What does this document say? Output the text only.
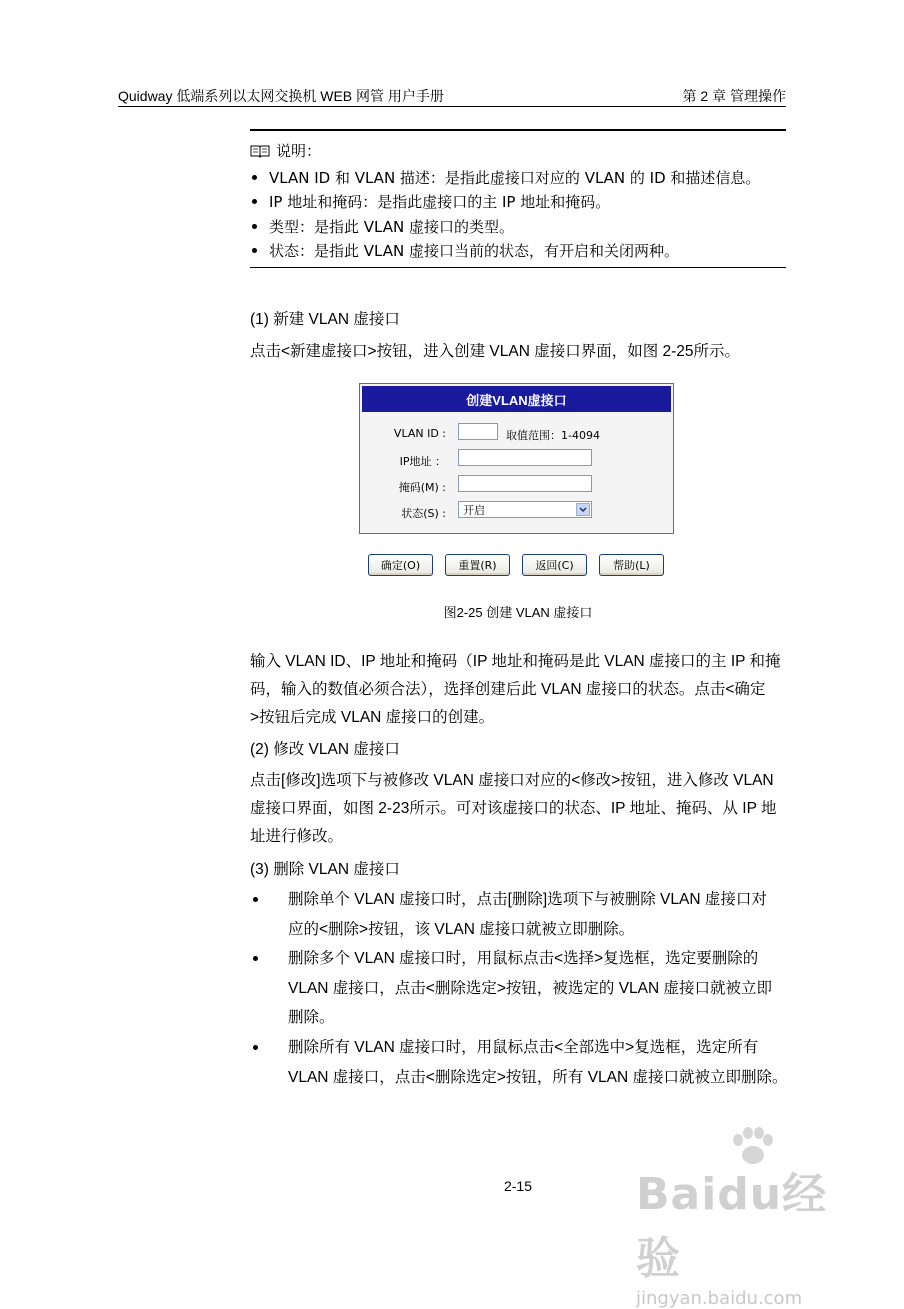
Quidway 低端系列以太网交换机 WEB 网管 用户手册	第 2 章 管理操作
说明：
VLAN ID 和 VLAN 描述：是指此虚接口对应的 VLAN 的 ID 和描述信息。
IP 地址和掩码：是指此虚接口的主 IP 地址和掩码。
类型：是指此 VLAN 虚接口的类型。
状态：是指此 VLAN 虚接口当前的状态，有开启和关闭两种。
(1) 新建 VLAN 虚接口
点击<新建虚接口>按钮，进入创建 VLAN 虚接口界面，如图 2-25所示。
创建VLAN虚接口
VLAN ID :	取值范围：1-4094
IP地址 ：
掩码(M) :
状态(S) : 开启
确定(O)	重置(R)	返回(C)	帮助(L)
图2-25 创建 VLAN 虚接口
输入 VLAN ID、IP 地址和掩码（IP 地址和掩码是此 VLAN 虚接口的主 IP 和掩
码，输入的数值必须合法），选择创建后此 VLAN 虚接口的状态。点击<确定
>按钮后完成 VLAN 虚接口的创建。
(2) 修改 VLAN 虚接口
点击[修改]选项下与被修改 VLAN 虚接口对应的<修改>按钮，进入修改 VLAN
虚接口界面，如图 2-23所示。可对该虚接口的状态、IP 地址、掩码、从 IP 地
址进行修改。
(3) 删除 VLAN 虚接口
删除单个 VLAN 虚接口时，点击[删除]选项下与被删除 VLAN 虚接口对
应的<删除>按钮，该 VLAN 虚接口就被立即删除。
删除多个 VLAN 虚接口时，用鼠标点击<选择>复选框，选定要删除的
VLAN 虚接口，点击<删除选定>按钮，被选定的 VLAN 虚接口就被立即
删除。
删除所有 VLAN 虚接口时，用鼠标点击<全部选中>复选框，选定所有
VLAN 虚接口，点击<删除选定>按钮，所有 VLAN 虚接口就被立即删除。
2-15	Baidu经验
jingyan.baidu.com
